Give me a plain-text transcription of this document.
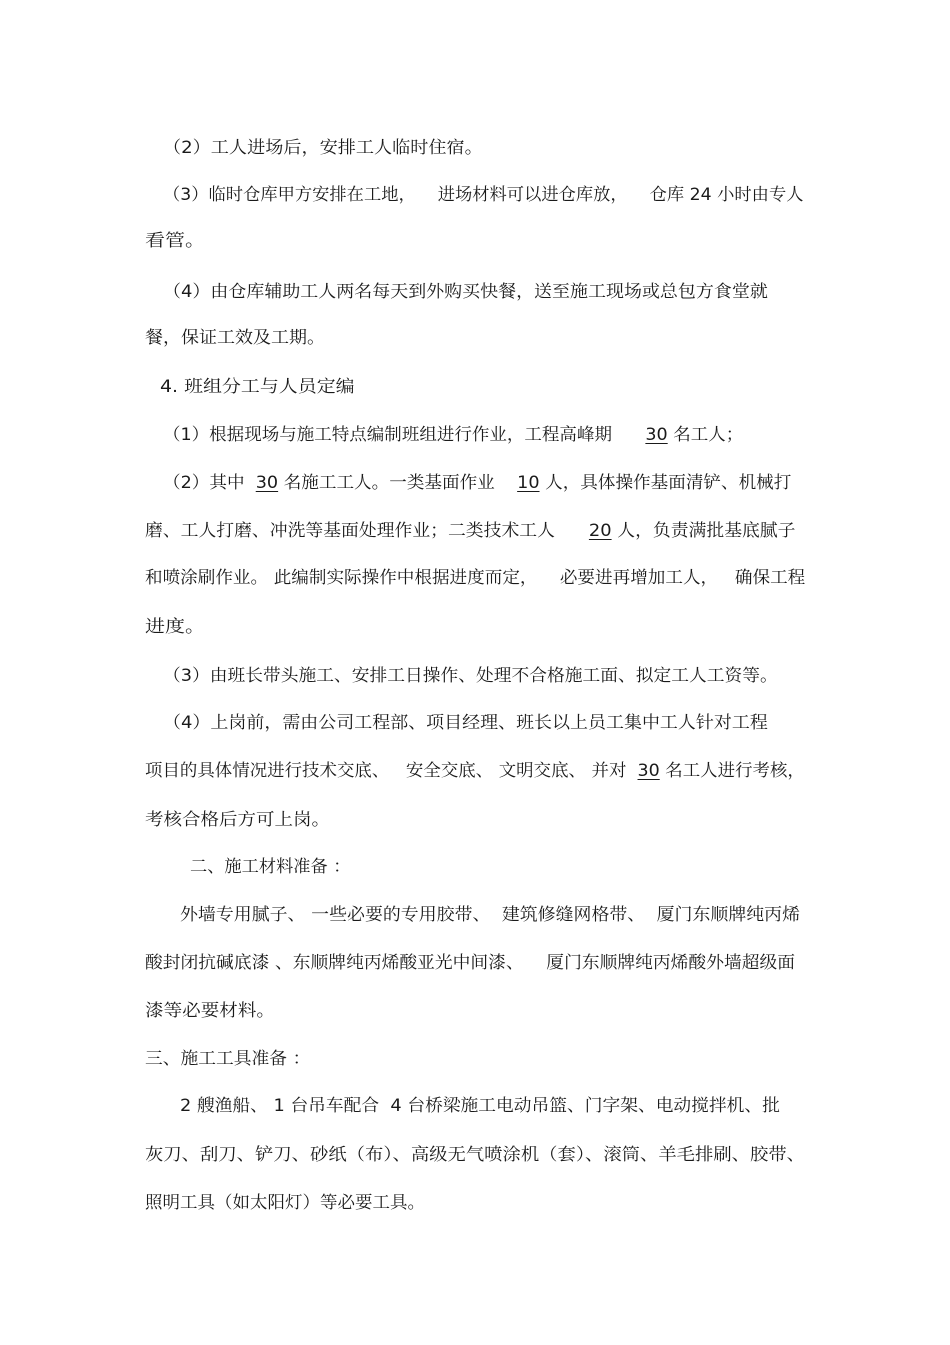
（2）工人进场后，安排工人临时住宿。
（3）临时仓库甲方安排在工地，    进场材料可以进仓库放，    仓库 24 小时由专人
看管。
（4）由仓库辅助工人两名每天到外购买快餐，送至施工现场或总包方食堂就
餐，保证工效及工期。
4. 班组分工与人员定编
（1）根据现场与施工特点编制班组进行作业，工程高峰期      30 名工人；
（2）其中  30 名施工工人。一类基面作业    10 人，具体操作基面清铲、机械打
磨、工人打磨、冲洗等基面处理作业；二类技术工人      20 人，负责满批基底腻子
和喷涂刷作业。 此编制实际操作中根据进度而定，    必要进再增加工人，   确保工程
进度。
（3）由班长带头施工、安排工日操作、处理不合格施工面、拟定工人工资等。
（4）上岗前，需由公司工程部、项目经理、班长以上员工集中工人针对工程
项目的具体情况进行技术交底、   安全交底、 文明交底、 并对  30 名工人进行考核，
考核合格后方可上岗。
二、施工材料准备 ：
外墙专用腻子、 一些必要的专用胶带、  建筑修缝网格带、  厦门东顺牌纯丙烯
酸封闭抗碱底漆 、东顺牌纯丙烯酸亚光中间漆、    厦门东顺牌纯丙烯酸外墙超级面
漆等必要材料。
三、施工工具准备 ：
2 艘渔船、 1 台吊车配合  4 台桥梁施工电动吊篮、门字架、电动搅拌机、批
灰刀、刮刀、铲刀、砂纸（布）、高级无气喷涂机（套）、滚筒、羊毛排刷、胶带、
照明工具（如太阳灯）等必要工具。
